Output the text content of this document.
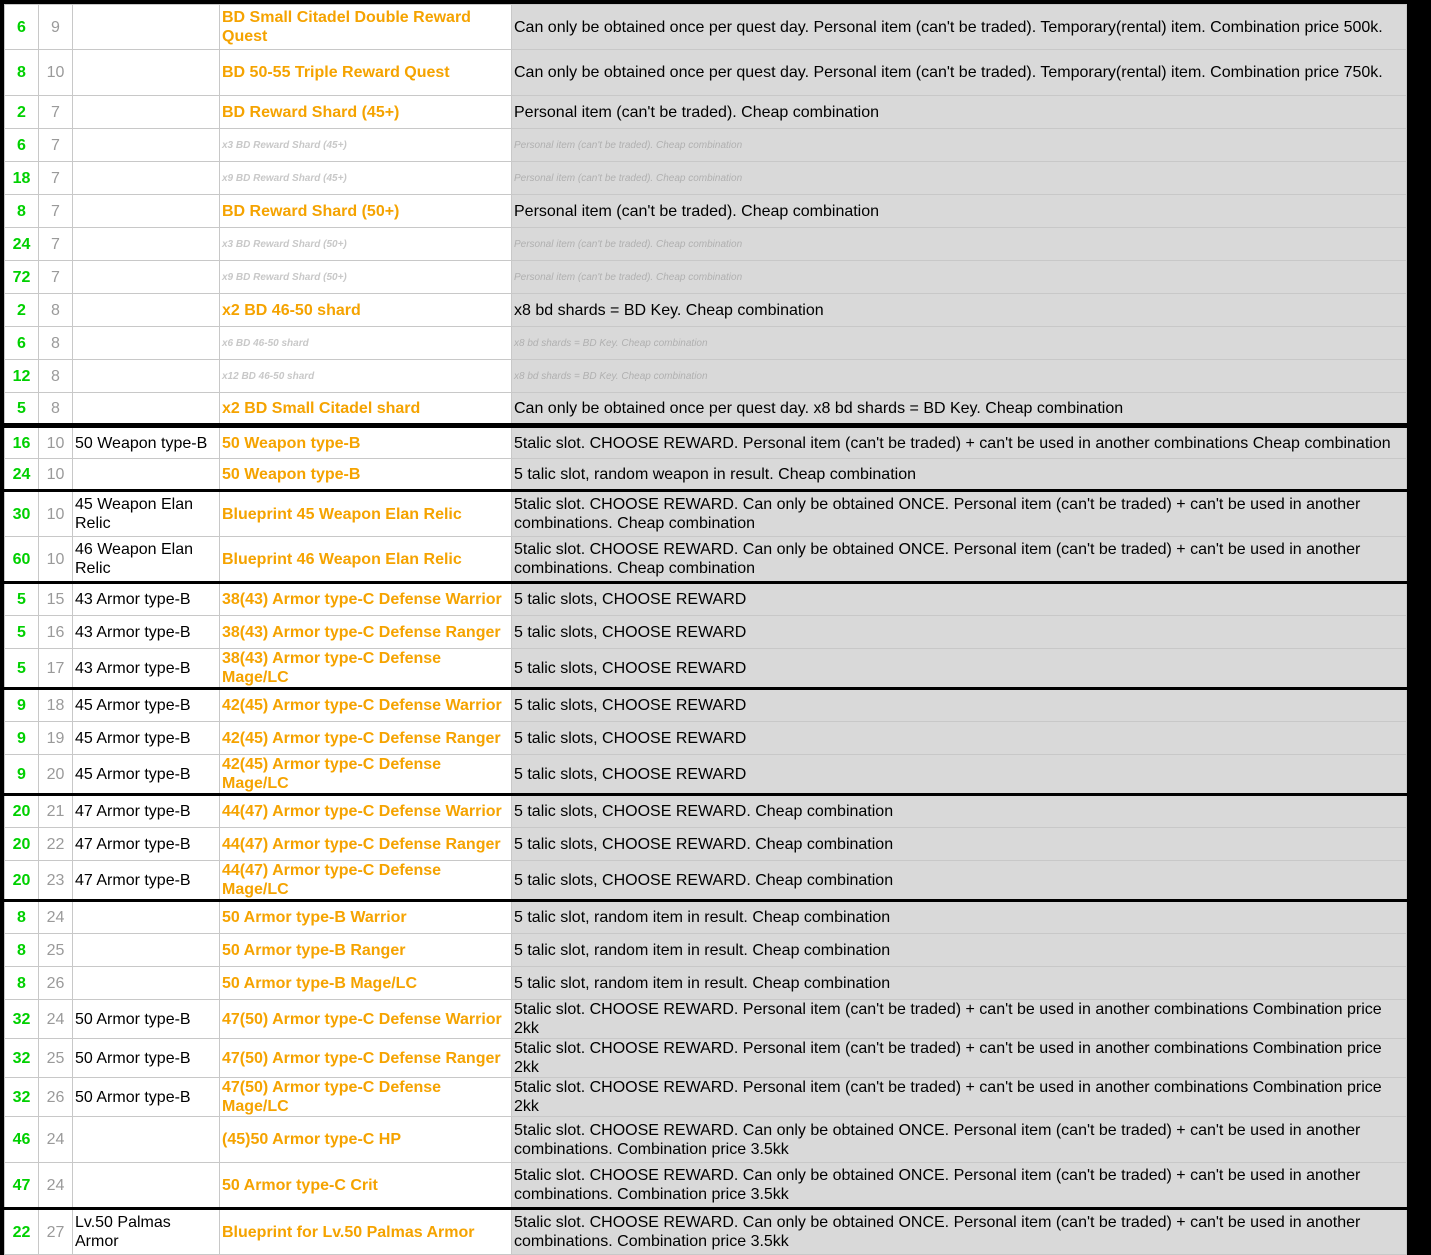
6	9		BD Small Citadel Double Reward Quest	Can only be obtained once per quest day. Personal item (can't be traded). Temporary(rental) item. Combination price 500k.
8	10		BD 50-55 Triple Reward Quest	Can only be obtained once per quest day. Personal item (can't be traded). Temporary(rental) item. Combination price 750k.
2	7		BD Reward Shard (45+)	Personal item (can't be traded). Cheap combination
6	7		x3 BD Reward Shard (45+)	Personal item (can't be traded). Cheap combination
18	7		x9 BD Reward Shard (45+)	Personal item (can't be traded). Cheap combination
8	7		BD Reward Shard (50+)	Personal item (can't be traded). Cheap combination
24	7		x3 BD Reward Shard (50+)	Personal item (can't be traded). Cheap combination
72	7		x9 BD Reward Shard (50+)	Personal item (can't be traded). Cheap combination
2	8		x2 BD 46-50 shard	x8 bd shards = BD Key. Cheap combination
6	8		x6 BD 46-50 shard	x8 bd shards = BD Key. Cheap combination
12	8		x12 BD 46-50 shard	x8 bd shards = BD Key. Cheap combination
5	8		x2 BD Small Citadel shard	Can only be obtained once per quest day. x8 bd shards = BD Key. Cheap combination
16	10	50 Weapon type-B	50 Weapon type-B	5talic slot. CHOOSE REWARD. Personal item (can't be traded) + can't be used in another combinations Cheap combination
24	10		50 Weapon type-B	5 talic slot, random weapon in result. Cheap combination
30	10	45 Weapon Elan Relic	Blueprint 45 Weapon Elan Relic	5talic slot. CHOOSE REWARD. Can only be obtained ONCE. Personal item (can't be traded) + can't be used in another combinations. Cheap combination
60	10	46 Weapon Elan Relic	Blueprint 46 Weapon Elan Relic	5talic slot. CHOOSE REWARD. Can only be obtained ONCE. Personal item (can't be traded) + can't be used in another combinations. Cheap combination
5	15	43 Armor type-B	38(43) Armor type-C Defense Warrior	5 talic slots, CHOOSE REWARD
5	16	43 Armor type-B	38(43) Armor type-C Defense Ranger	5 talic slots, CHOOSE REWARD
5	17	43 Armor type-B	38(43) Armor type-C Defense Mage/LC	5 talic slots, CHOOSE REWARD
9	18	45 Armor type-B	42(45) Armor type-C Defense Warrior	5 talic slots, CHOOSE REWARD
9	19	45 Armor type-B	42(45) Armor type-C Defense Ranger	5 talic slots, CHOOSE REWARD
9	20	45 Armor type-B	42(45) Armor type-C Defense Mage/LC	5 talic slots, CHOOSE REWARD
20	21	47 Armor type-B	44(47) Armor type-C Defense Warrior	5 talic slots, CHOOSE REWARD. Cheap combination
20	22	47 Armor type-B	44(47) Armor type-C Defense Ranger	5 talic slots, CHOOSE REWARD. Cheap combination
20	23	47 Armor type-B	44(47) Armor type-C Defense Mage/LC	5 talic slots, CHOOSE REWARD. Cheap combination
8	24		50 Armor type-B Warrior	5 talic slot, random item in result. Cheap combination
8	25		50 Armor type-B Ranger	5 talic slot, random item in result. Cheap combination
8	26		50 Armor type-B Mage/LC	5 talic slot, random item in result. Cheap combination
32	24	50 Armor type-B	47(50) Armor type-C Defense Warrior	5talic slot. CHOOSE REWARD. Personal item (can't be traded) + can't be used in another combinations Combination price 2kk
32	25	50 Armor type-B	47(50) Armor type-C Defense Ranger	5talic slot. CHOOSE REWARD. Personal item (can't be traded) + can't be used in another combinations Combination price 2kk
32	26	50 Armor type-B	47(50) Armor type-C Defense Mage/LC	5talic slot. CHOOSE REWARD. Personal item (can't be traded) + can't be used in another combinations Combination price 2kk
46	24		(45)50 Armor type-C HP	5talic slot. CHOOSE REWARD. Can only be obtained ONCE. Personal item (can't be traded) + can't be used in another combinations. Combination price 3.5kk
47	24		50 Armor type-C Crit	5talic slot. CHOOSE REWARD. Can only be obtained ONCE. Personal item (can't be traded) + can't be used in another combinations. Combination price 3.5kk
22	27	Lv.50 Palmas Armor	Blueprint for Lv.50 Palmas Armor	5talic slot. CHOOSE REWARD. Can only be obtained ONCE. Personal item (can't be traded) + can't be used in another combinations. Combination price 3.5kk
